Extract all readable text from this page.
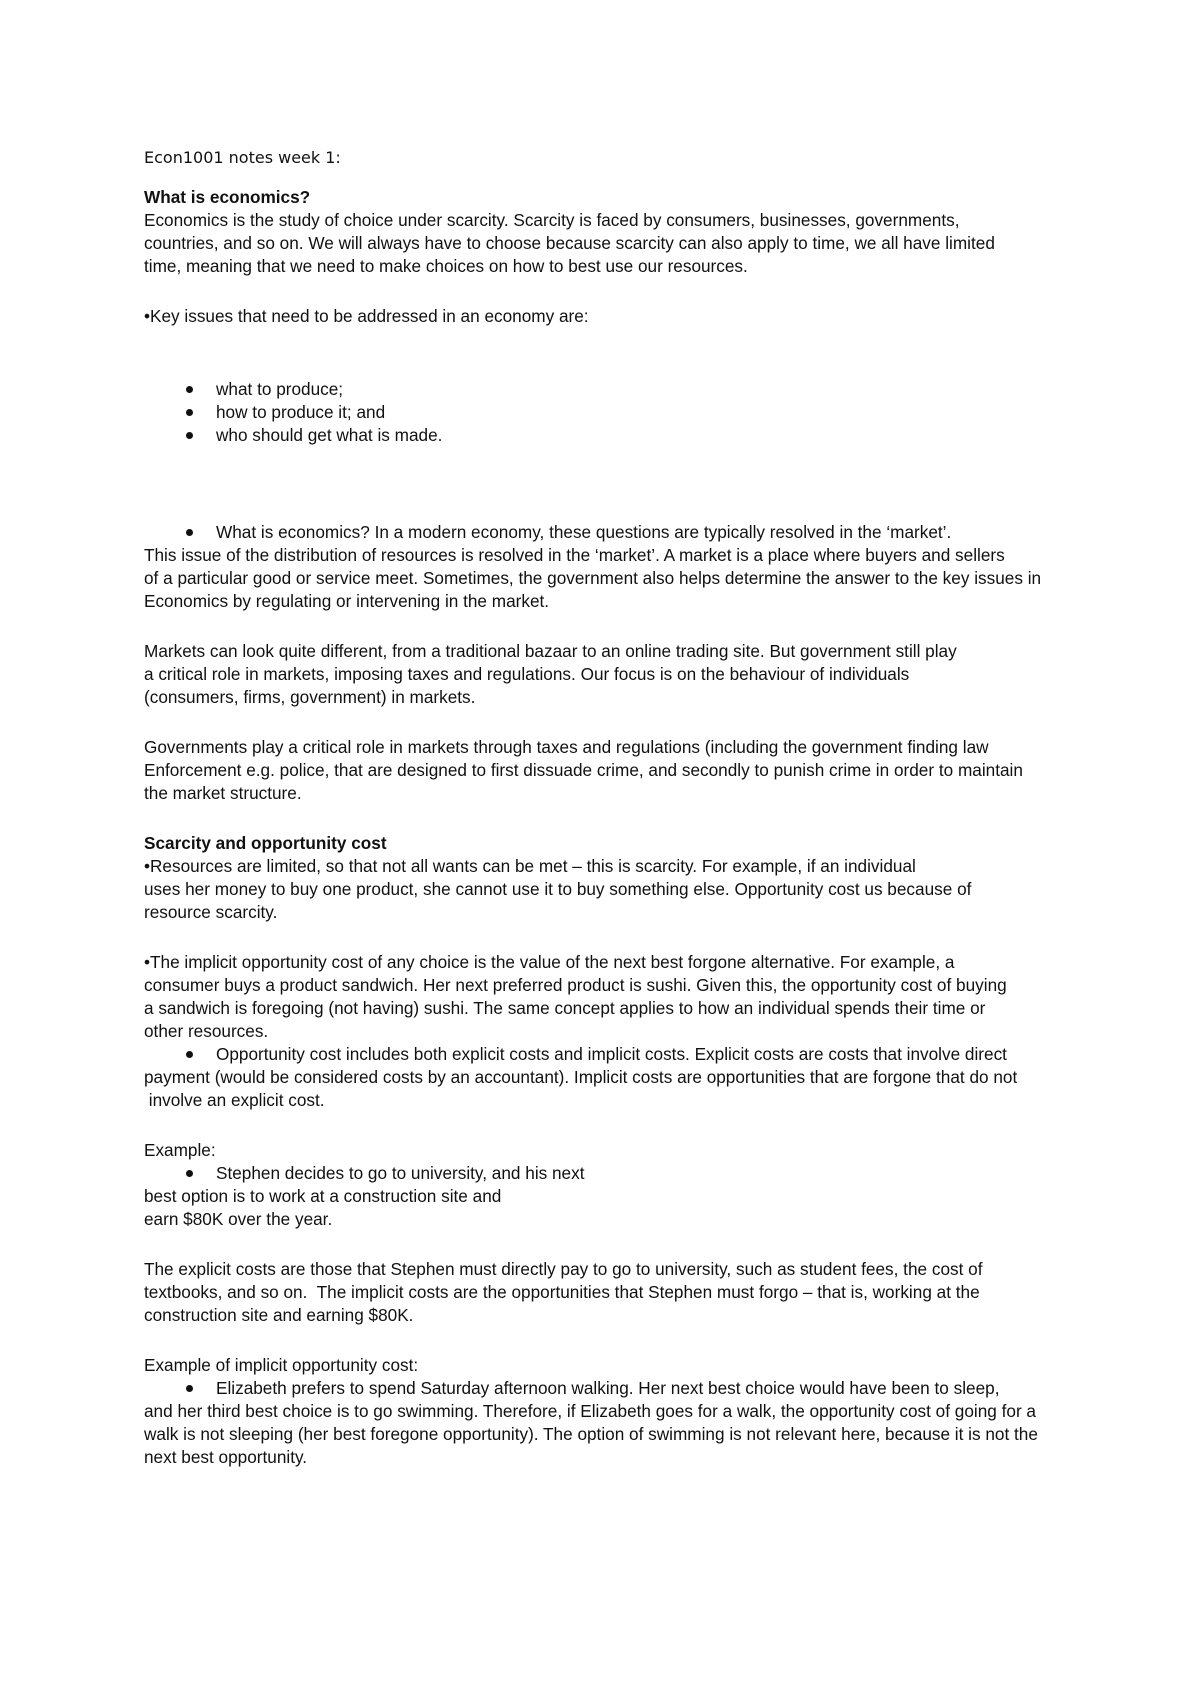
Econ1001 notes week 1:
What is economics?

Economics is the study of choice under scarcity. Scarcity is faced by consumers, businesses, governments,

countries, and so on. We will always have to choose because scarcity can also apply to time, we all have limited

time, meaning that we need to make choices on how to best use our resources.

•Key issues that need to be addressed in an economy are:

what to produce;
how to produce it; and
who should get what is made.
What is economics? In a modern economy, these questions are typically resolved in the ‘market’.

This issue of the distribution of resources is resolved in the ‘market’. A market is a place where buyers and sellers

of a particular good or service meet. Sometimes, the government also helps determine the answer to the key issues in

Economics by regulating or intervening in the market.

Markets can look quite different, from a traditional bazaar to an online trading site. But government still play

a critical role in markets, imposing taxes and regulations. Our focus is on the behaviour of individuals

(consumers, firms, government) in markets.

Governments play a critical role in markets through taxes and regulations (including the government finding law

Enforcement e.g. police, that are designed to first dissuade crime, and secondly to punish crime in order to maintain

the market structure.

Scarcity and opportunity cost

•Resources are limited, so that not all wants can be met – this is scarcity. For example, if an individual

uses her money to buy one product, she cannot use it to buy something else. Opportunity cost us because of

resource scarcity.

•The implicit opportunity cost of any choice is the value of the next best forgone alternative. For example, a

consumer buys a product sandwich. Her next preferred product is sushi. Given this, the opportunity cost of buying

a sandwich is foregoing (not having) sushi. The same concept applies to how an individual spends their time or

other resources.

Opportunity cost includes both explicit costs and implicit costs. Explicit costs are costs that involve direct

payment (would be considered costs by an accountant). Implicit costs are opportunities that are forgone that do not

involve an explicit cost.

Example:

Stephen decides to go to university, and his next

best option is to work at a construction site and

earn $80K over the year.

The explicit costs are those that Stephen must directly pay to go to university, such as student fees, the cost of

textbooks, and so on.  The implicit costs are the opportunities that Stephen must forgo – that is, working at the

construction site and earning $80K.

Example of implicit opportunity cost:

Elizabeth prefers to spend Saturday afternoon walking. Her next best choice would have been to sleep,

and her third best choice is to go swimming. Therefore, if Elizabeth goes for a walk, the opportunity cost of going for a

walk is not sleeping (her best foregone opportunity). The option of swimming is not relevant here, because it is not the

next best opportunity.
